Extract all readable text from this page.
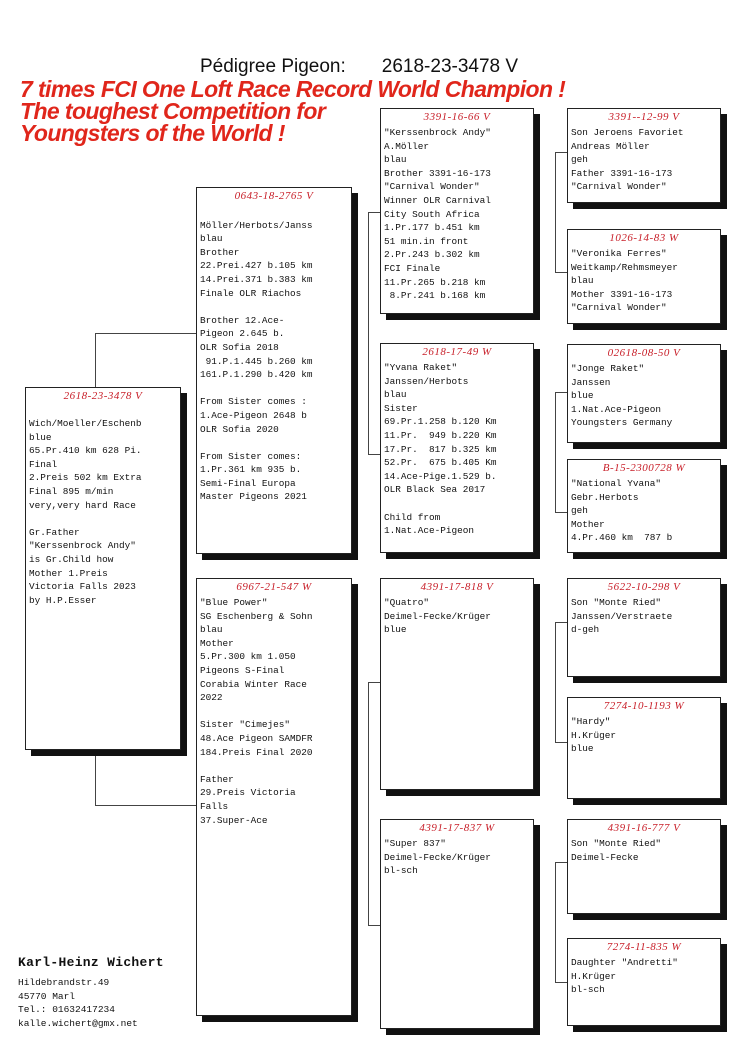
Pédigree Pigeon: 2618-23-3478 V
7 times FCI One Loft Race Record World Champion !
The toughest Competition for
Youngsters of the World !
2618-23-3478 V
Wich/Moeller/Eschenb
blue
65.Pr.410 km 628 Pi.
Final
2.Preis 502 km Extra
Final 895 m/min
very,very hard Race

Gr.Father
"Kerssenbrock Andy"
is Gr.Child how
Mother 1.Preis
Victoria Falls 2023
by H.P.Esser
0643-18-2765 V

Möller/Herbots/Janss
blau
Brother
22.Prei.427 b.105 km
14.Prei.371 b.383 km
Finale OLR Riachos

Brother 12.Ace-
Pigeon 2.645 b.
OLR Sofia 2018
91.P.1.445 b.260 km
161.P.1.290 b.420 km

From Sister comes :
1.Ace-Pigeon 2648 b
OLR Sofia 2020

From Sister comes:
1.Pr.361 km 935 b.
Semi-Final Europa
Master Pigeons 2021
6967-21-547 W
"Blue Power"
SG Eschenberg & Sohn
blau
Mother
5.Pr.300 km 1.050
Pigeons S-Final
Corabia Winter Race
2022

Sister "Cimejes"
48.Ace Pigeon SAMDFR
184.Preis Final 2020

Father
29.Preis Victoria
Falls
37.Super-Ace
3391-16-66 V
"Kerssenbrock Andy"
A.Möller
blau
Brother 3391-16-173
"Carnival Wonder"
Winner OLR Carnival
City South Africa
1.Pr.177 b.451 km
51 min.in front
2.Pr.243 b.302 km
FCI Finale
11.Pr.265 b.218 km
8.Pr.241 b.168 km
2618-17-49 W
"Yvana Raket"
Janssen/Herbots
blau
Sister
69.Pr.1.258 b.120 Km
11.Pr.  949 b.220 Km
17.Pr.  817 b.325 km
52.Pr.  675 b.405 Km
14.Ace-Pige.1.529 b.
OLR Black Sea 2017

Child from
1.Nat.Ace-Pigeon
4391-17-818 V
"Quatro"
Deimel-Fecke/Krüger
blue
4391-17-837 W
"Super 837"
Deimel-Fecke/Krüger
bl-sch
3391--12-99 V
Son Jeroens Favoriet
Andreas Möller
geh
Father 3391-16-173
"Carnival Wonder"
1026-14-83 W
"Veronika Ferres"
Weitkamp/Rehmsmeyer
blau
Mother 3391-16-173
"Carnival Wonder"
02618-08-50 V
"Jonge Raket"
Janssen
blue
1.Nat.Ace-Pigeon
Youngsters Germany
B-15-2300728 W
"National Yvana"
Gebr.Herbots
geh
Mother
4.Pr.460 km  787 b
5622-10-298 V
Son "Monte Ried"
Janssen/Verstraete
d-geh
7274-10-1193 W
"Hardy"
H.Krüger
blue
4391-16-777 V
Son "Monte Ried"
Deimel-Fecke
7274-11-835 W
Daughter "Andretti"
H.Krüger
bl-sch
Karl-Heinz Wichert
Hildebrandstr.49
45770 Marl
Tel.: 01632417234
kalle.wichert@gmx.net
